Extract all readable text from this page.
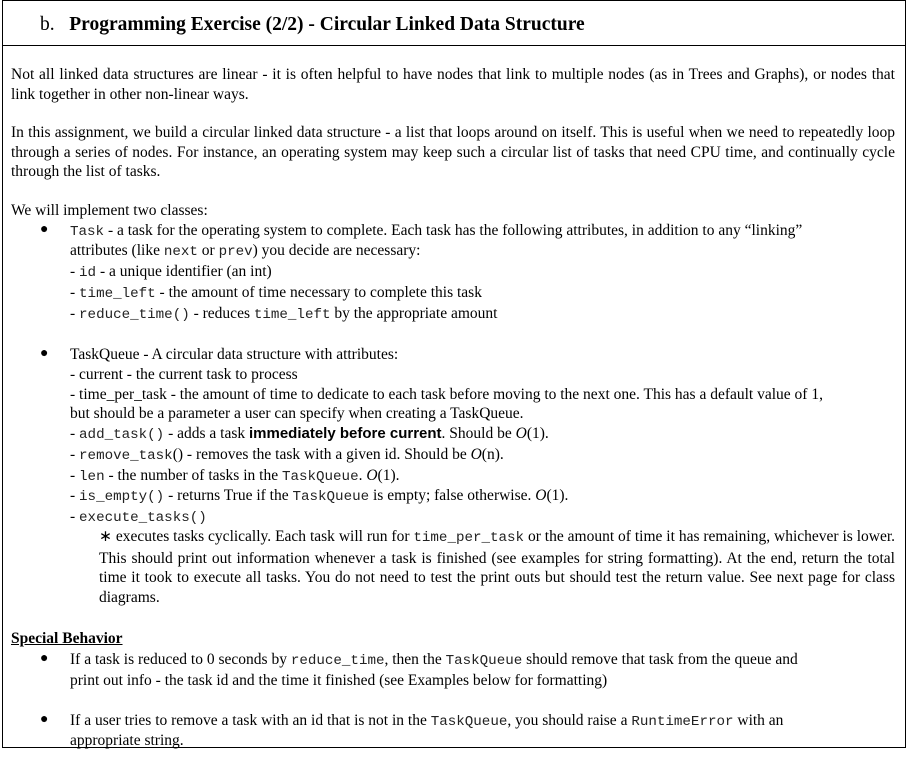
b. Programming Exercise (2/2) - Circular Linked Data Structure
Not all linked data structures are linear - it is often helpful to have nodes that link to multiple nodes (as in Trees and Graphs), or nodes that link together in other non-linear ways.
In this assignment, we build a circular linked data structure - a list that loops around on itself. This is useful when we need to repeatedly loop through a series of nodes. For instance, an operating system may keep such a circular list of tasks that need CPU time, and continually cycle through the list of tasks.
We will implement two classes:
● Task - a task for the operating system to complete. Each task has the following attributes, in addition to any “linking”
attributes (like next or prev) you decide are necessary:
- id - a unique identifier (an int)
- time_left - the amount of time necessary to complete this task
- reduce_time() - reduces time_left by the appropriate amount
● TaskQueue - A circular data structure with attributes:
- current - the current task to process
- time_per_task - the amount of time to dedicate to each task before moving to the next one. This has a default value of 1,
but should be a parameter a user can specify when creating a TaskQueue.
- add_task() - adds a task immediately before current. Should be O(1).
- remove_task() - removes the task with a given id. Should be O(n).
- len - the number of tasks in the TaskQueue. O(1).
- is_empty() - returns True if the TaskQueue is empty; false otherwise. O(1).
- execute_tasks()
∗ executes tasks cyclically. Each task will run for time_per_task or the amount of time it has remaining, whichever is lower. This should print out information whenever a task is finished (see examples for string formatting). At the end, return the total time it took to execute all tasks. You do not need to test the print outs but should test the return value. See next page for class diagrams.
Special Behavior
● If a task is reduced to 0 seconds by reduce_time, then the TaskQueue should remove that task from the queue and
print out info - the task id and the time it finished (see Examples below for formatting)
● If a user tries to remove a task with an id that is not in the TaskQueue, you should raise a RuntimeError with an
appropriate string.
